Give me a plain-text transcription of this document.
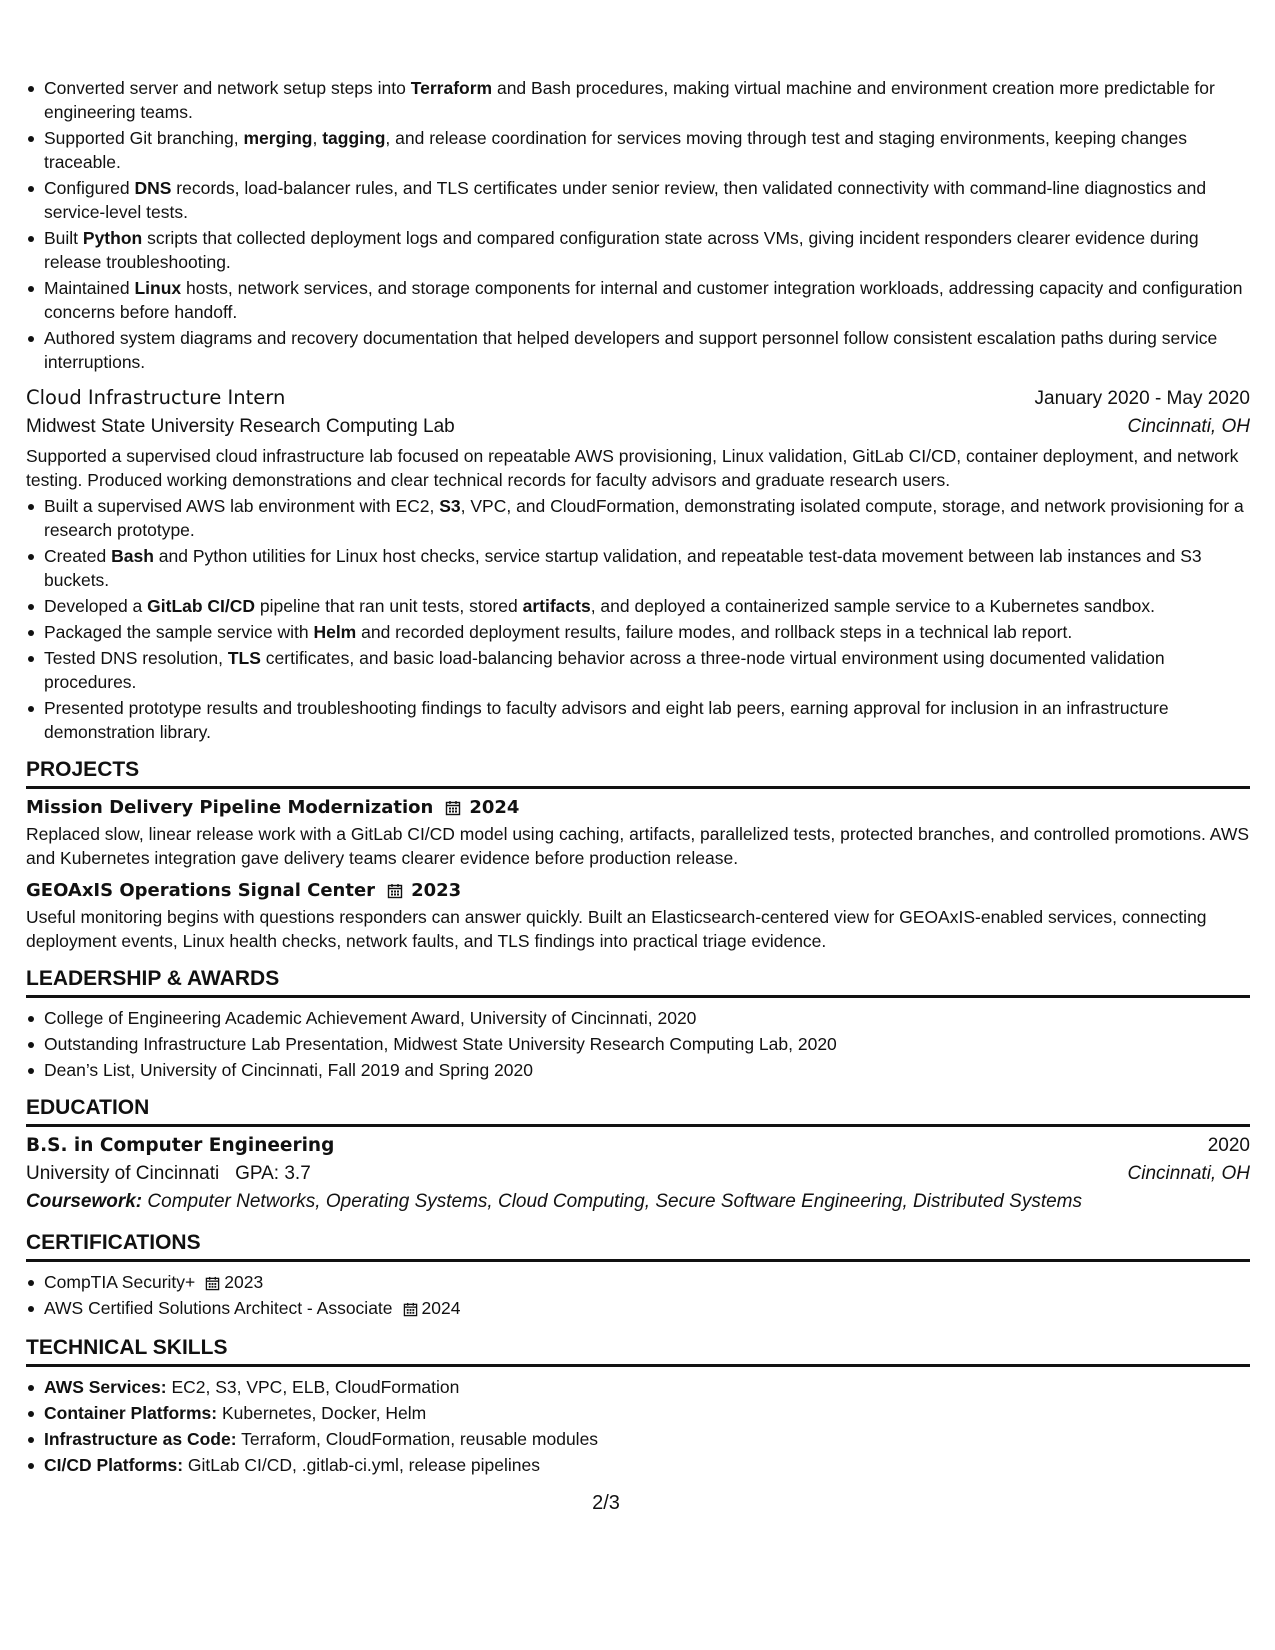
Converted server and network setup steps into Terraform and Bash procedures, making virtual machine and environment creation more predictable for engineering teams.
Supported Git branching, merging, tagging, and release coordination for services moving through test and staging environments, keeping changes traceable.
Configured DNS records, load-balancer rules, and TLS certificates under senior review, then validated connectivity with command-line diagnostics and service-level tests.
Built Python scripts that collected deployment logs and compared configuration state across VMs, giving incident responders clearer evidence during release troubleshooting.
Maintained Linux hosts, network services, and storage components for internal and customer integration workloads, addressing capacity and configuration concerns before handoff.
Authored system diagrams and recovery documentation that helped developers and support personnel follow consistent escalation paths during service interruptions.
Cloud Infrastructure Intern	January 2020 - May 2020
Midwest State University Research Computing Lab	Cincinnati, OH
Supported a supervised cloud infrastructure lab focused on repeatable AWS provisioning, Linux validation, GitLab CI/CD, container deployment, and network testing. Produced working demonstrations and clear technical records for faculty advisors and graduate research users.
Built a supervised AWS lab environment with EC2, S3, VPC, and CloudFormation, demonstrating isolated compute, storage, and network provisioning for a research prototype.
Created Bash and Python utilities for Linux host checks, service startup validation, and repeatable test-data movement between lab instances and S3 buckets.
Developed a GitLab CI/CD pipeline that ran unit tests, stored artifacts, and deployed a containerized sample service to a Kubernetes sandbox.
Packaged the sample service with Helm and recorded deployment results, failure modes, and rollback steps in a technical lab report.
Tested DNS resolution, TLS certificates, and basic load-balancing behavior across a three-node virtual environment using documented validation procedures.
Presented prototype results and troubleshooting findings to faculty advisors and eight lab peers, earning approval for inclusion in an infrastructure demonstration library.
PROJECTS
Mission Delivery Pipeline Modernization 2024
Replaced slow, linear release work with a GitLab CI/CD model using caching, artifacts, parallelized tests, protected branches, and controlled promotions. AWS and Kubernetes integration gave delivery teams clearer evidence before production release.
GEOAxIS Operations Signal Center 2023
Useful monitoring begins with questions responders can answer quickly. Built an Elasticsearch-centered view for GEOAxIS-enabled services, connecting deployment events, Linux health checks, network faults, and TLS findings into practical triage evidence.
LEADERSHIP & AWARDS
College of Engineering Academic Achievement Award, University of Cincinnati, 2020
Outstanding Infrastructure Lab Presentation, Midwest State University Research Computing Lab, 2020
Dean’s List, University of Cincinnati, Fall 2019 and Spring 2020
EDUCATION
B.S. in Computer Engineering	2020
University of Cincinnati GPA: 3.7	Cincinnati, OH
Coursework: Computer Networks, Operating Systems, Cloud Computing, Secure Software Engineering, Distributed Systems
CERTIFICATIONS
CompTIA Security+ 2023
AWS Certified Solutions Architect - Associate 2024
TECHNICAL SKILLS
AWS Services: EC2, S3, VPC, ELB, CloudFormation
Container Platforms: Kubernetes, Docker, Helm
Infrastructure as Code: Terraform, CloudFormation, reusable modules
CI/CD Platforms: GitLab CI/CD, .gitlab-ci.yml, release pipelines
2/3
